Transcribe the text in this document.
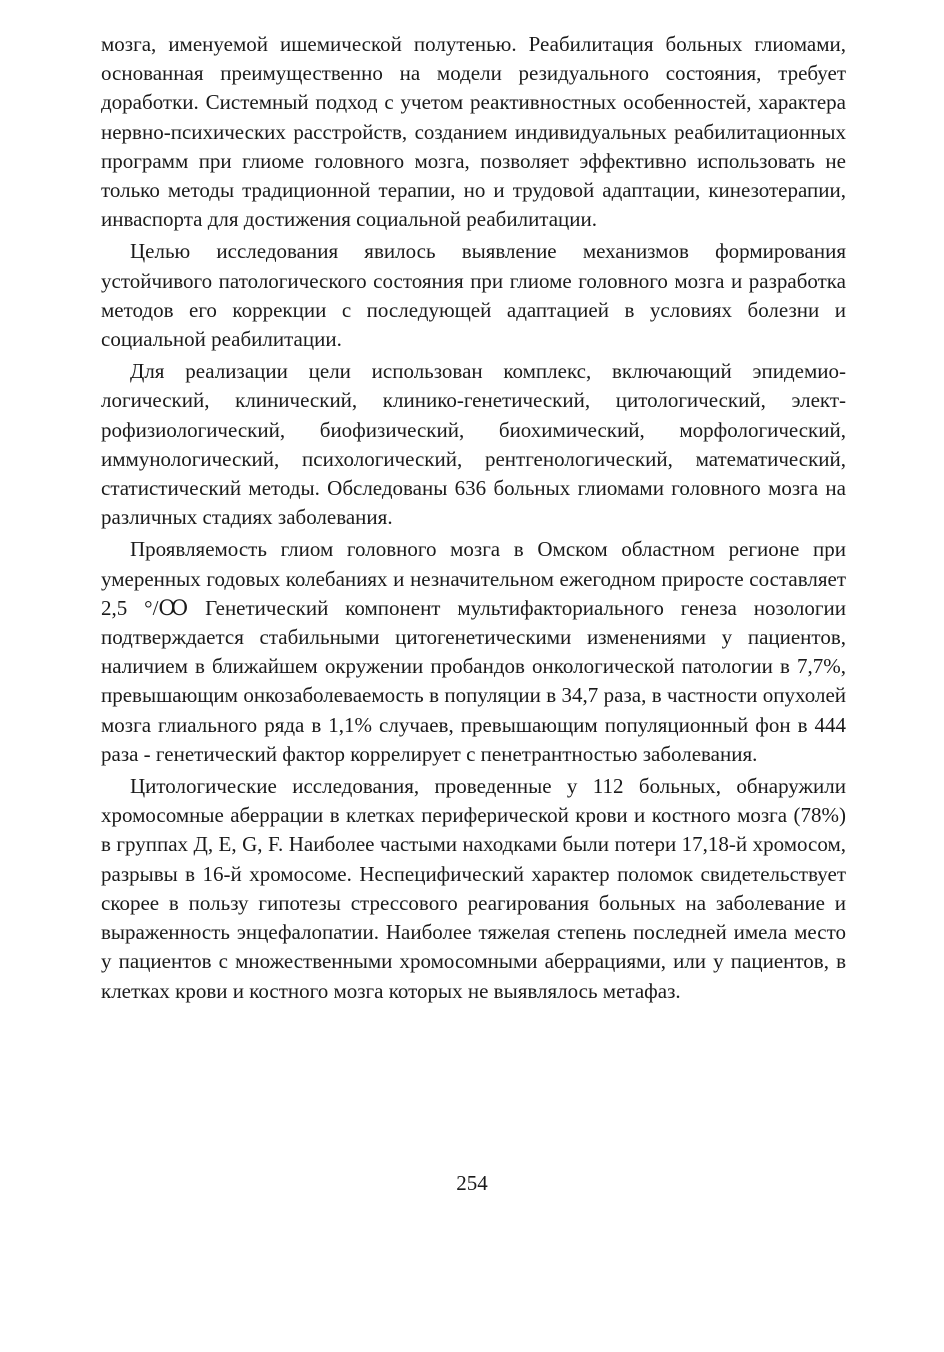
мозга, именуемой ишемической полутенью. Реабилитация больных глиомами, основанная преимущественно на модели резидуального состояния, требует доработки. Системный подход с учетом реактивностных особенностей, характера нервно-психических расстройств, созданием индивидуальных реабилитационных программ при глиоме головного мозга, позволяет эффективно использовать не только методы традиционной терапии, но и трудовой адаптации, кинезотерапии, инваспорта для достижения социальной реабилитации.

Целью исследования явилось выявление механизмов формирования устойчивого патологического состояния при глиоме головного мозга и разработка методов его коррекции с последующей адаптацией в условиях болезни и социальной реабилитации.

Для реализации цели использован комплекс, включающий эпидемиологический, клинический, клинико-генетический, цитологический, электрофизиологический, биофизический, биохимический, морфологический, иммунологический, психологический, рентгенологический, математический, статистический методы. Обследованы 636 больных глиомами головного мозга на различных стадиях заболевания.

Проявляемость глиом головного мозга в Омском областном регионе при умеренных годовых колебаниях и незначительном ежегодном приросте составляет 2,5 °/Ꝏ Генетический компонент мультифакториального генеза нозологии подтверждается стабильными цитогенетическими изменениями у пациентов, наличием в ближайшем окружении пробандов онкологической патологии в 7,7%, превышающим онкозаболеваемость в популяции в 34,7 раза, в частности опухолей мозга глиального ряда в 1,1% случаев, превышающим популяционный фон в 444 раза - генетический фактор коррелирует с пенетрантностью заболевания.

Цитологические исследования, проведенные у 112 больных, обнаружили хромосомные аберрации в клетках периферической крови и костного мозга (78%) в группах Д, Е, G, F. Наиболее частыми находками были потери 17,18-й хромосом, разрывы в 16-й хромосоме. Неспецифический характер поломок свидетельствует скорее в пользу гипотезы стрессового реагирования больных на заболевание и выраженность энцефалопатии. Наиболее тяжелая степень последней имела место у пациентов с множественными хромосомными аберрациями, или у пациентов, в клетках крови и костного мозга которых не выявлялось метафаз.

254
